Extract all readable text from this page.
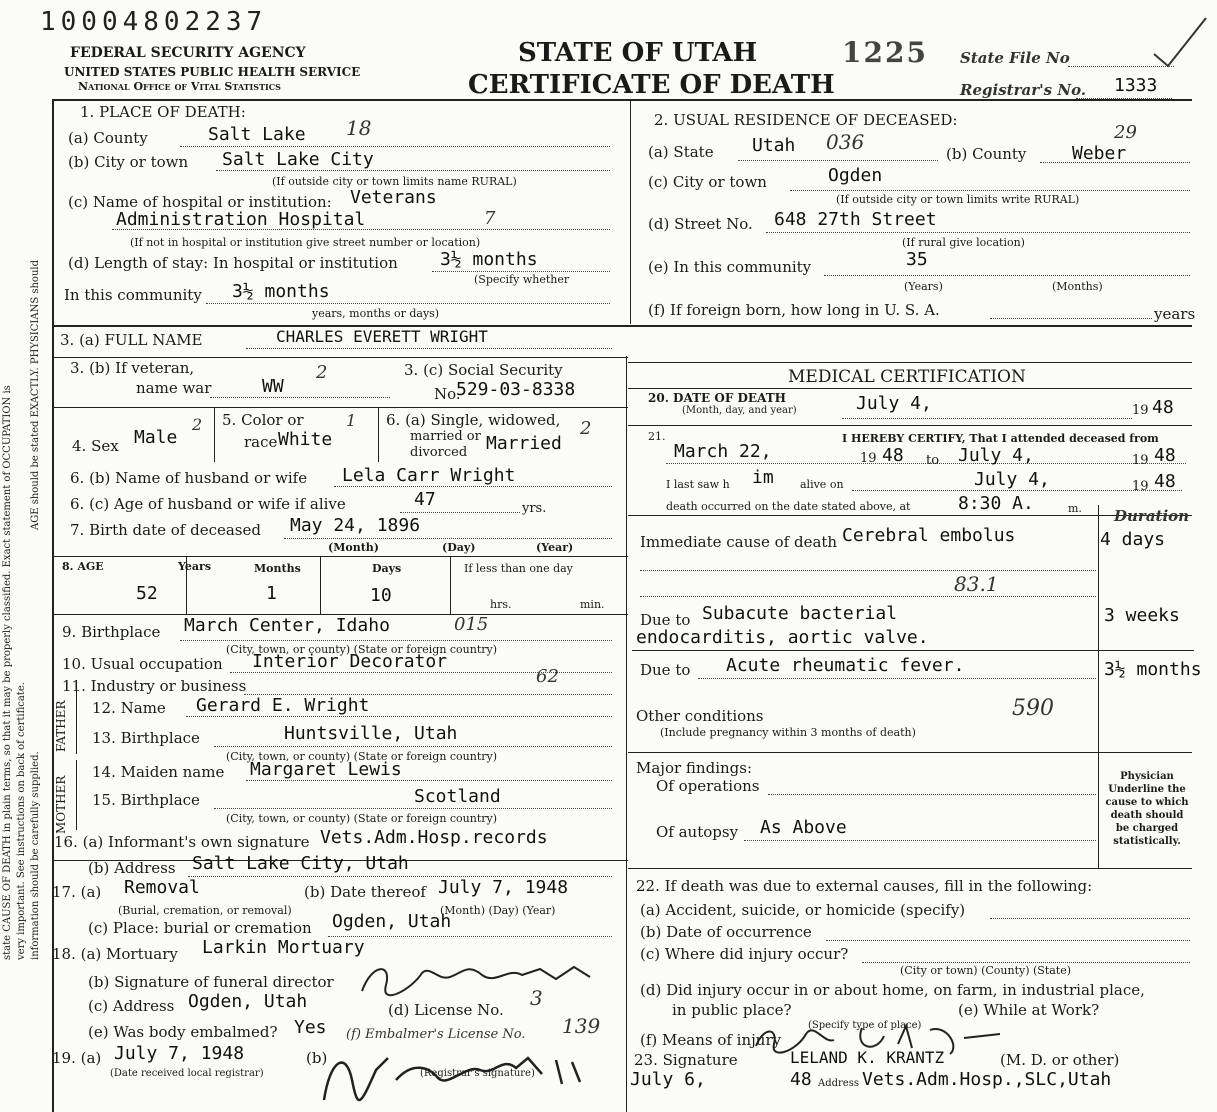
10004802237
FEDERAL SECURITY AGENCY
UNITED STATES PUBLIC HEALTH SERVICE
National Office of Vital Statistics
STATE OF UTAH
CERTIFICATE OF DEATH
1225 State File No
Registrar's No. 1333
state CAUSE OF DEATH in plain terms, so that it may be properly classified. Exact statement of OCCUPATION is very important. See instructions on back of certificate.
AGE should be stated EXACTLY. PHYSICIANS should
information should be carefully supplied.
1. PLACE OF DEATH:
(a) County	Salt Lake 18
(b) City or town Salt Lake City
(If outside city or town limits name RURAL)
(c) Name of hospital or institution: Veterans
Administration Hospital	7
(If not in hospital or institution give street number or location)
(d) Length of stay: In hospital or institution 3½ months
(Specify whether
In this community 3½ months
years, months or days)
2. USUAL RESIDENCE OF DECEASED:
(a) State Utah 036	(b) County	Weber
29
(c) City or town	Ogden
(If outside city or town limits write RURAL)
(d) Street No. 648 27th Street
(If rural give location)
(e) In this community	35
(Years)	(Months)
(f) If foreign born, how long in U. S. A.	years
3. (a) FULL NAME	CHARLES EVERETT WRIGHT
3. (b) If veteran,
name war	WW
2	3. (c) Social Security
No.
529-03-8338
4. Sex Male
2 5. Color or
race White
1 6. (a) Single, widowed,
married or
divorced Married
2
6. (b) Name of husband or wife Lela Carr Wright
6. (c) Age of husband or wife if alive	47	yrs.
7. Birth date of deceased May 24, 1896
(Month)	(Day)	(Year)
8. AGE	Years	Months	Days	If less than one day
52	1	10	hrs.	min.
9. Birthplace March Center, Idaho	015
(City, town, or county) (State or foreign country)
10. Usual occupation Interior Decorator
62
11. Industry or business
FATHER
MOTHER
12. Name Gerard E. Wright
13. Birthplace	Huntsville, Utah
(City, town, or county) (State or foreign country)
14. Maiden name Margaret Lewis
15. Birthplace	Scotland
(City, town, or county) (State or foreign country)
16. (a) Informant's own signature Vets.Adm.Hosp.records
(b) Address Salt Lake City, Utah
17. (a) Removal	(b) Date thereof July 7, 1948
(Burial, cremation, or removal)	(Month) (Day) (Year)
(c) Place: burial or cremation Ogden, Utah
18. (a) Mortuary Larkin Mortuary
(b) Signature of funeral director
(c) Address Ogden, Utah	(d) License No. 3
(e) Was body embalmed? Yes (f) Embalmer's License No. 139
19. (a) July 7, 1948
(Date received local registrar)
(b)
(Registrar's signature)
MEDICAL CERTIFICATION
20. DATE OF DEATH
(Month, day, and year)	July 4,	19 48
21.	I HEREBY CERTIFY, That I attended deceased from
March 22,	19 48 to July 4,	19 48
I last saw h im alive on	July 4,	19 48
death occurred on the date stated above, at	8:30 A.	m. Duration
Immediate cause of death Cerebral embolus	4 days
83.1
Due to Subacute bacterial	3 weeks
endocarditis, aortic valve.
Due to Acute rheumatic fever.	3½ months
Other conditions
(Include pregnancy within 3 months of death)
590
Major findings:
Of operations
Of autopsy As Above
Physician Underline the cause to which death should be charged statistically.
22. If death was due to external causes, fill in the following:
(a) Accident, suicide, or homicide (specify)
(b) Date of occurrence
(c) Where did injury occur?
(City or town) (County) (State)
(d) Did injury occur in or about home, on farm, in industrial place,
in public place?	(e) While at Work?
(Specify type of place)
(f) Means of injury
23. Signature	LELAND K. KRANTZ	(M. D. or other)
July 6,	48 Address Vets.Adm.Hosp.,SLC,Utah
